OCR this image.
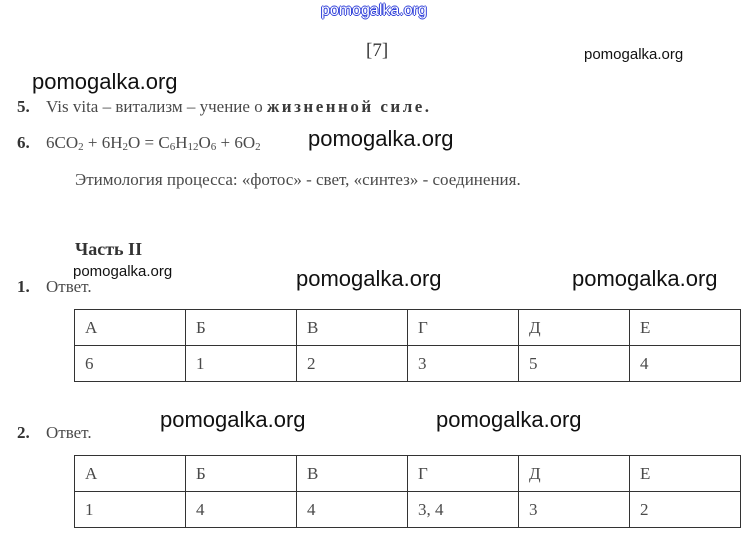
pomogalka.org
pomogalka.org
pomogalka.org
[7]
5. Vis vita – витализм – учение о жизненной силе.
6. $6CO_2 + 6H_2O = C_6H_{12}O_6 + 6O_2$ pomogalka.org
Этимология процесса: «фотос» - свет, «синтез» - соединения.
Часть II
pomogalka.org
1. Ответ.	pomogalka.org	pomogalka.org
А	Б	В	Г	Д	Е
6	1	2	3	5	4
pomogalka.org	pomogalka.org
2. Ответ.
А	Б	В	Г	Д	Е
1	4	4	3, 4	3	2
